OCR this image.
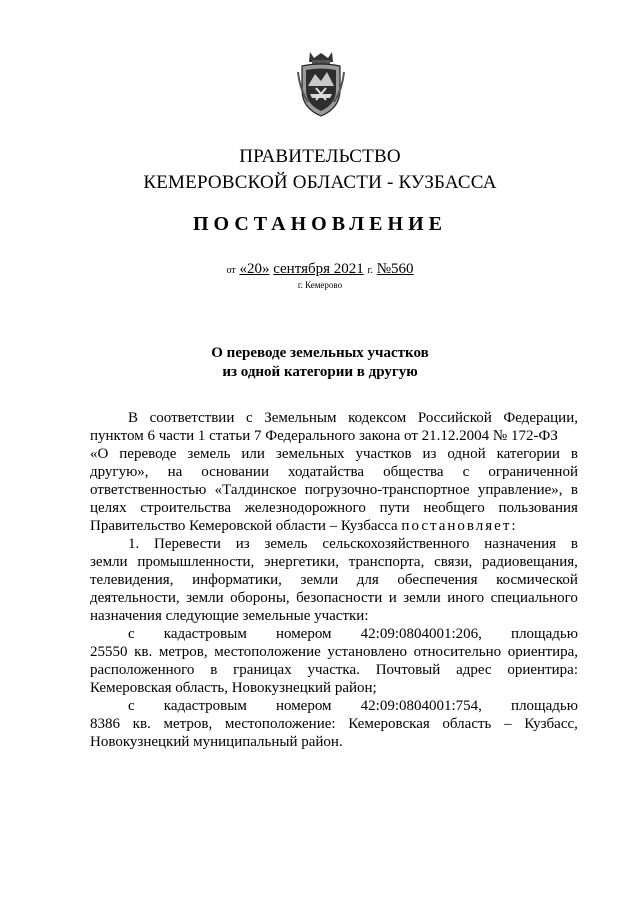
ПРАВИТЕЛЬСТВО
КЕМЕРОВСКОЙ ОБЛАСТИ - КУЗБАССА
ПОСТАНОВЛЕНИЕ
от «20» сентября 2021 г. №560
г. Кемерово
О переводе земельных участков
из одной категории в другую
В соответствии с Земельным кодексом Российской Федерации,
пунктом 6 части 1 статьи 7 Федерального закона от 21.12.2004 № 172-ФЗ
«О переводе земель или земельных участков из одной категории в
другую», на основании ходатайства общества с ограниченной
ответственностью «Талдинское погрузочно-транспортное управление», в
целях строительства железнодорожного пути необщего пользования
Правительство Кемеровской области – Кузбасса постановляет:
1. Перевести из земель сельскохозяйственного назначения в
земли промышленности, энергетики, транспорта, связи, радиовещания,
телевидения, информатики, земли для обеспечения космической
деятельности, земли обороны, безопасности и земли иного специального
назначения следующие земельные участки:
с кадастровым номером 42:09:0804001:206, площадью
25550 кв. метров, местоположение установлено относительно ориентира,
расположенного в границах участка. Почтовый адрес ориентира:
Кемеровская область, Новокузнецкий район;
с кадастровым номером 42:09:0804001:754, площадью
8386 кв. метров, местоположение: Кемеровская область – Кузбасс,
Новокузнецкий муниципальный район.
